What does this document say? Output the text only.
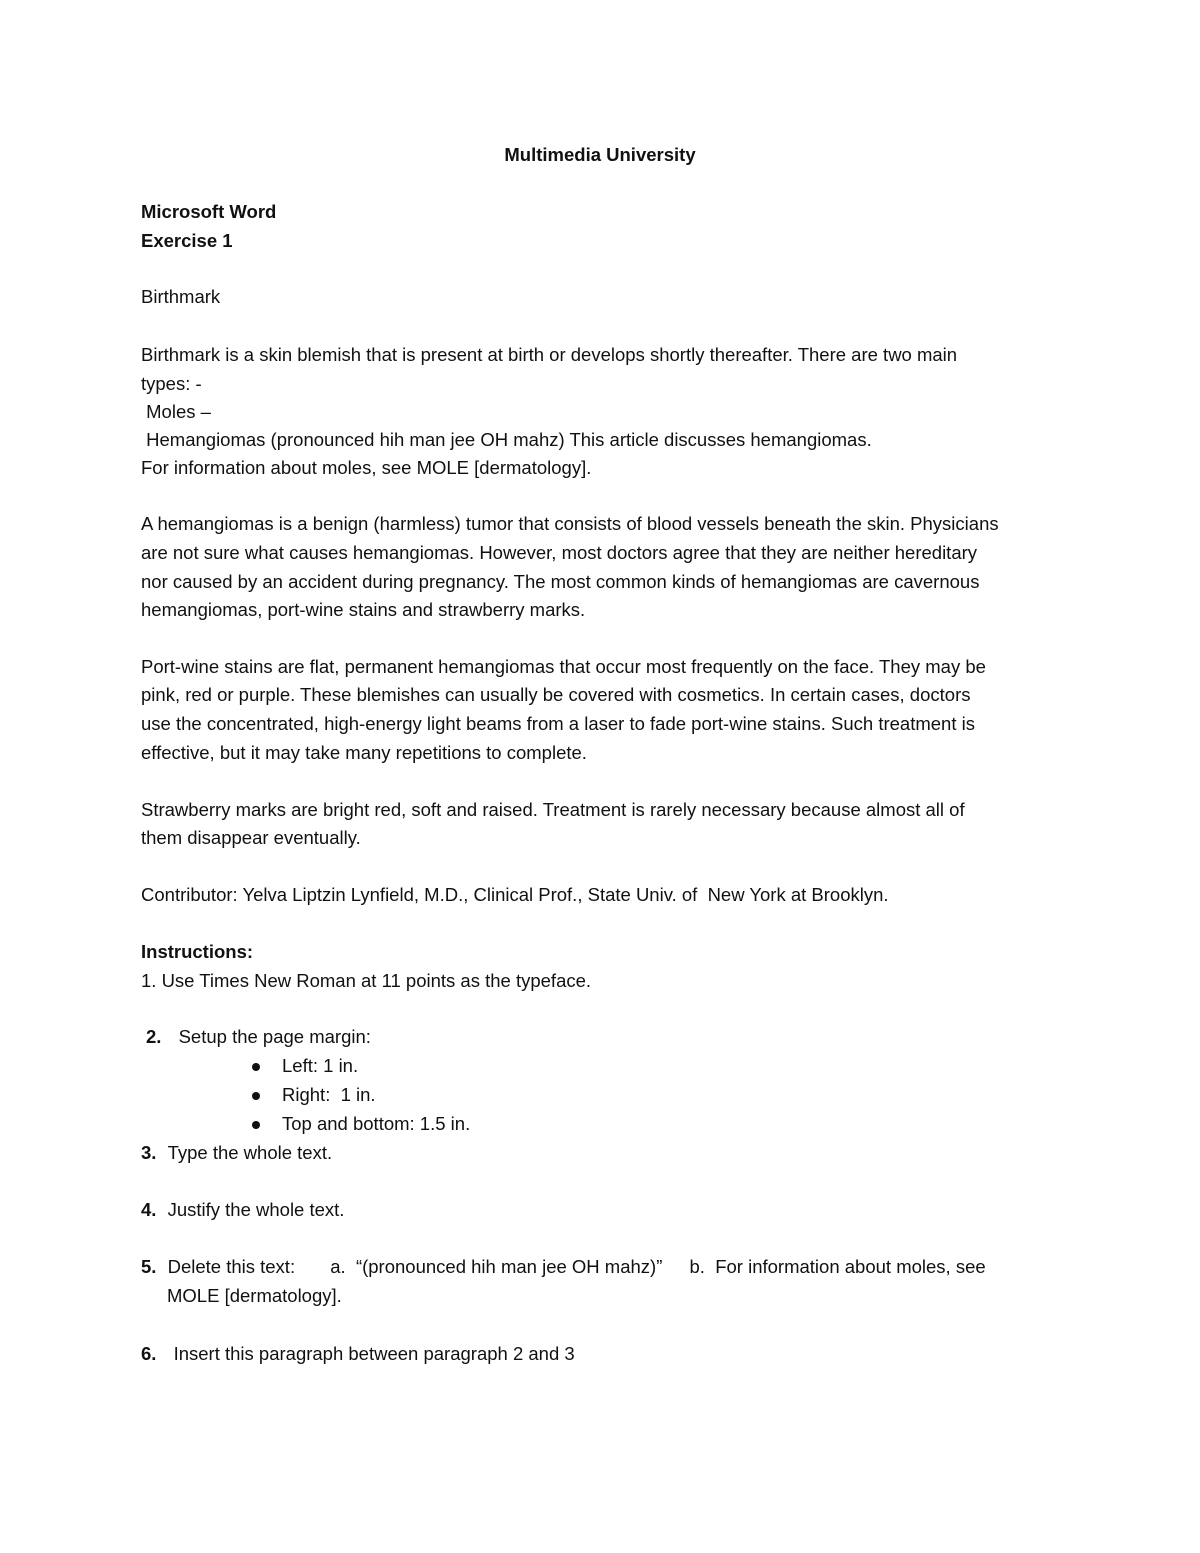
Multimedia University
Microsoft Word
Exercise 1
Birthmark
Birthmark is a skin blemish that is present at birth or develops shortly thereafter. There are two main
types: -
Moles –
Hemangiomas (pronounced hih man jee OH mahz) This article discusses hemangiomas.
For information about moles, see MOLE [dermatology].
A hemangiomas is a benign (harmless) tumor that consists of blood vessels beneath the skin. Physicians
are not sure what causes hemangiomas. However, most doctors agree that they are neither hereditary
nor caused by an accident during pregnancy. The most common kinds of hemangiomas are cavernous
hemangiomas, port-wine stains and strawberry marks.
Port-wine stains are flat, permanent hemangiomas that occur most frequently on the face. They may be
pink, red or purple. These blemishes can usually be covered with cosmetics. In certain cases, doctors
use the concentrated, high-energy light beams from a laser to fade port-wine stains. Such treatment is
effective, but it may take many repetitions to complete.
Strawberry marks are bright red, soft and raised. Treatment is rarely necessary because almost all of
them disappear eventually.
Contributor: Yelva Liptzin Lynfield, M.D., Clinical Prof., State Univ. of  New York at Brooklyn.
Instructions:
1. Use Times New Roman at 11 points as the typeface.
2. Setup the page margin:
Left: 1 in.
Right:  1 in.
Top and bottom: 1.5 in.
3. Type the whole text.
4. Justify the whole text.
5. Delete this text: a.  “(pronounced hih man jee OH mahz)” b.  For information about moles, see
MOLE [dermatology].
6. Insert this paragraph between paragraph 2 and 3
